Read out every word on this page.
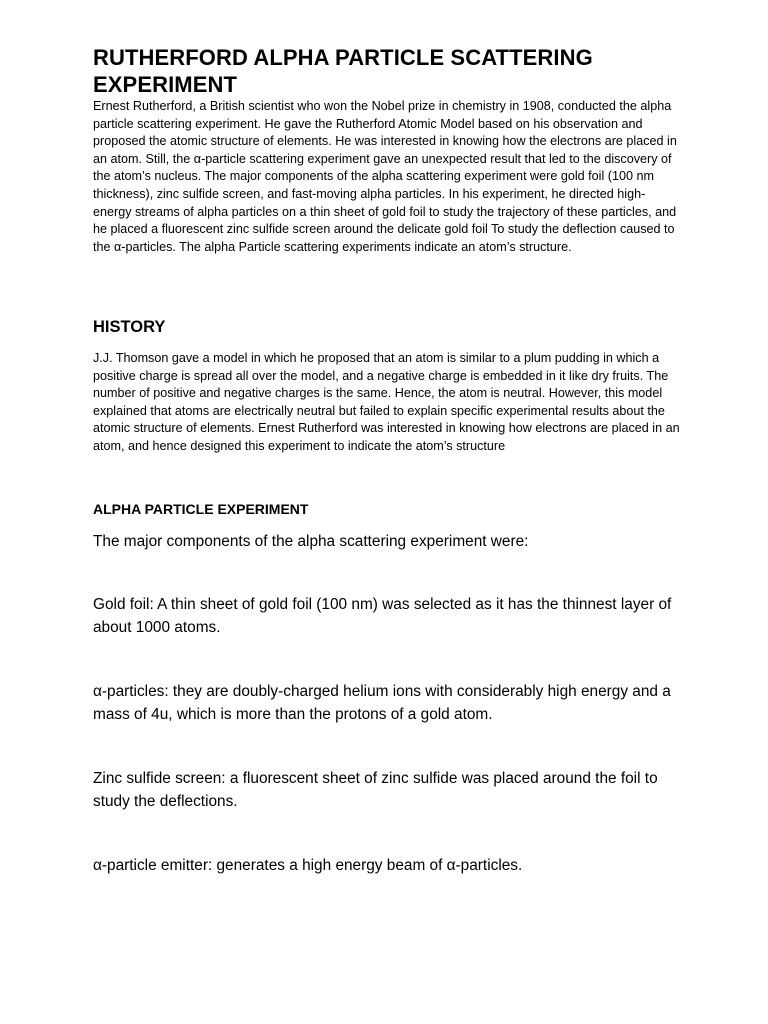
RUTHERFORD ALPHA PARTICLE SCATTERING EXPERIMENT

Ernest Rutherford, a British scientist who won the Nobel prize in chemistry in 1908, conducted the alpha particle scattering experiment. He gave the Rutherford Atomic Model based on his observation and proposed the atomic structure of elements. He was interested in knowing how the electrons are placed in an atom. Still, the α-particle scattering experiment gave an unexpected result that led to the discovery of the atom’s nucleus. The major components of the alpha scattering experiment were gold foil (100 nm thickness), zinc sulfide screen, and fast-moving alpha particles. In his experiment, he directed high-energy streams of alpha particles on a thin sheet of gold foil to study the trajectory of these particles, and he placed a fluorescent zinc sulfide screen around the delicate gold foil To study the deflection caused to the α-particles. The alpha Particle scattering experiments indicate an atom’s structure.

HISTORY

J.J. Thomson gave a model in which he proposed that an atom is similar to a plum pudding in which a positive charge is spread all over the model, and a negative charge is embedded in it like dry fruits. The number of positive and negative charges is the same. Hence, the atom is neutral. However, this model explained that atoms are electrically neutral but failed to explain specific experimental results about the atomic structure of elements. Ernest Rutherford was interested in knowing how electrons are placed in an atom, and hence designed this experiment to indicate the atom’s structure

ALPHA PARTICLE EXPERIMENT

The major components of the alpha scattering experiment were:

Gold foil: A thin sheet of gold foil (100 nm) was selected as it has the thinnest layer of about 1000 atoms.

α-particles: they are doubly-charged helium ions with considerably high energy and a mass of 4u, which is more than the protons of a gold atom.

Zinc sulfide screen: a fluorescent sheet of zinc sulfide was placed around the foil to study the deflections.

α-particle emitter: generates a high energy beam of α-particles.
